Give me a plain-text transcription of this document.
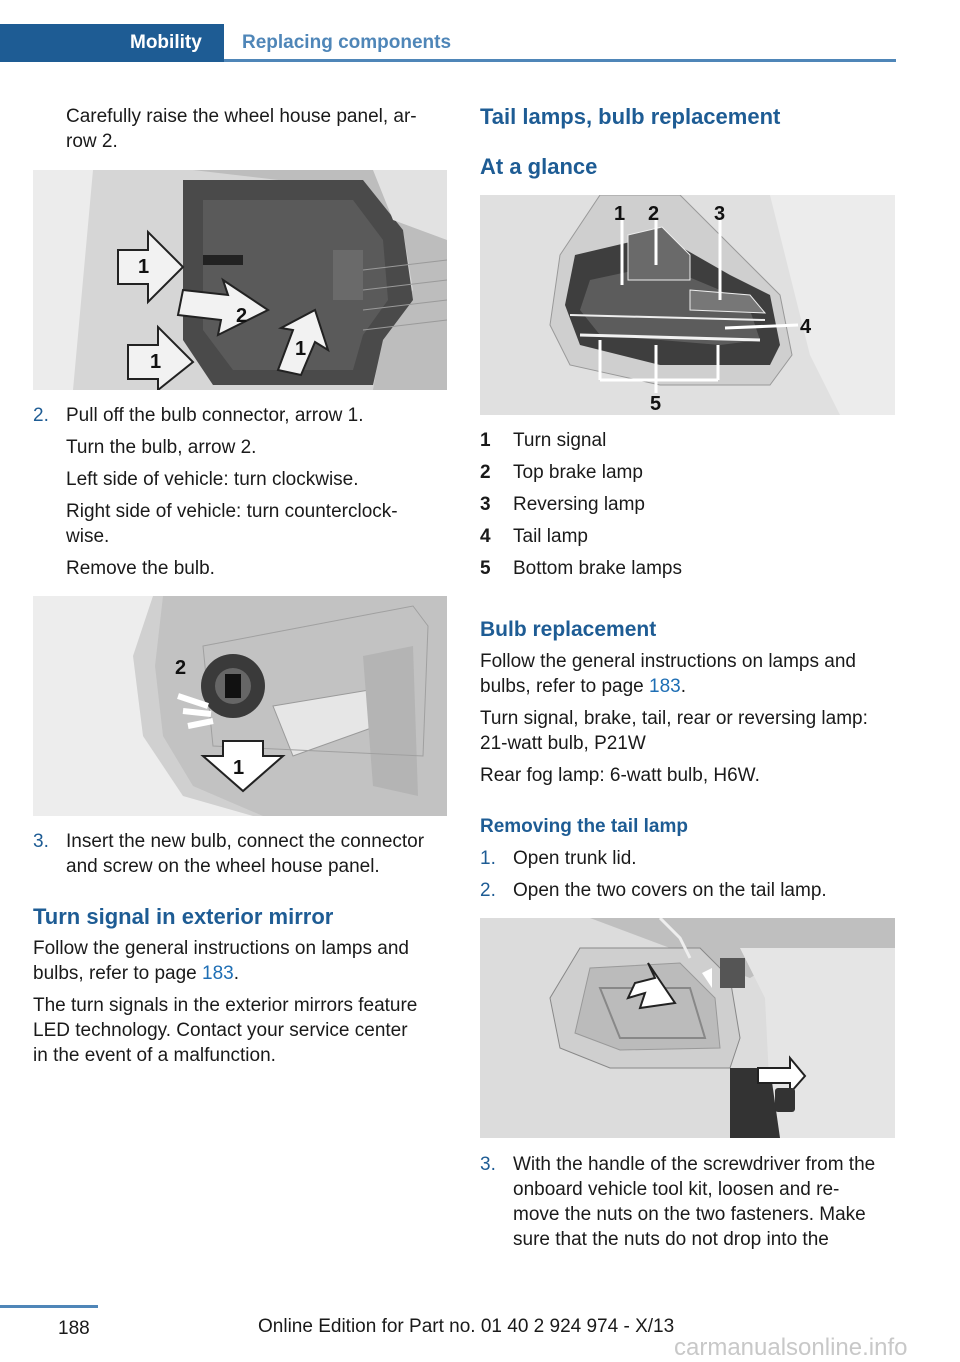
Mobility	Replacing components
Carefully raise the wheel house panel, ar-
row 2.
1
2
1
1
2. Pull off the bulb connector, arrow 1.
Turn the bulb, arrow 2.
Left side of vehicle: turn clockwise.
Right side of vehicle: turn counterclock-
wise.
Remove the bulb.
2
1
3. Insert the new bulb, connect the connector
and screw on the wheel house panel.
Turn signal in exterior mirror
Follow the general instructions on lamps and
bulbs, refer to page 183.
The turn signals in the exterior mirrors feature
LED technology. Contact your service center
in the event of a malfunction.
Tail lamps, bulb replacement
At a glance
1 2	3
4
5
1 Turn signal
2 Top brake lamp
3 Reversing lamp
4 Tail lamp
5 Bottom brake lamps
Bulb replacement
Follow the general instructions on lamps and
bulbs, refer to page 183.
Turn signal, brake, tail, rear or reversing lamp:
21-watt bulb, P21W
Rear fog lamp: 6-watt bulb, H6W.
Removing the tail lamp
1. Open trunk lid.
2. Open the two covers on the tail lamp.
3. With the handle of the screwdriver from the
onboard vehicle tool kit, loosen and re-
move the nuts on the two fasteners. Make
sure that the nuts do not drop into the
188	Online Edition for Part no. 01 40 2 924 974 - X/13
carmanualsonline.info
